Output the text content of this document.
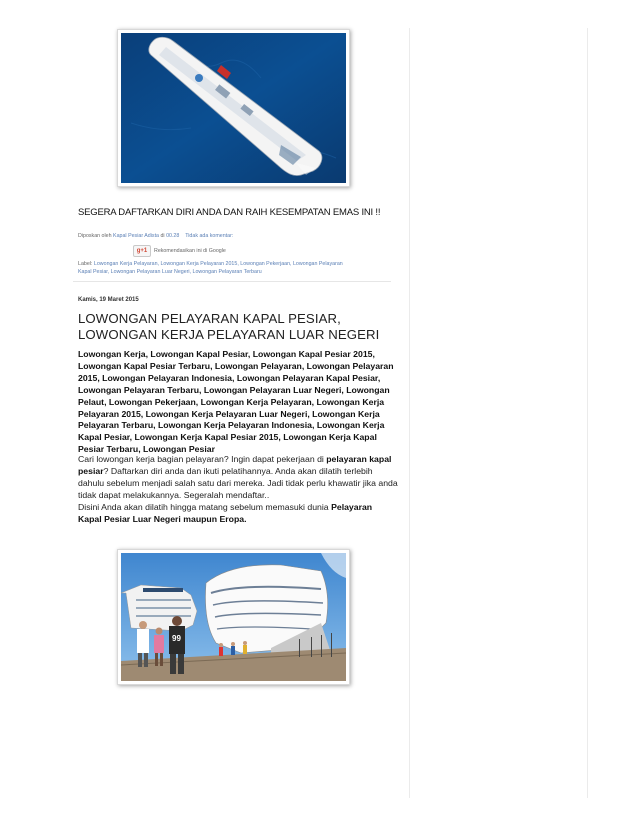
SEGERA DAFTARKAN DIRI ANDA DAN RAIH KESEMPATAN EMAS INI !!
Diposkan oleh Kapal Pesiar Adista di 00.28 Tidak ada komentar:
g+1	Rekomendasikan ini di Google
Label: Lowongan Kerja Pelayaran, Lowongan Kerja Pelayaran 2015, Lowongan Pekerjaan, Lowongan Pelayaran
Kapal Pesiar, Lowongan Pelayaran Luar Negeri, Lowongan Pelayaran Terbaru
Kamis, 19 Maret 2015
LOWONGAN PELAYARAN KAPAL PESIAR, LOWONGAN KERJA PELAYARAN LUAR NEGERI

Lowongan Kerja, Lowongan Kapal Pesiar, Lowongan Kapal Pesiar 2015, Lowongan Kapal Pesiar Terbaru, Lowongan Pelayaran, Lowongan Pelayaran 2015, Lowongan Pelayaran Indonesia, Lowongan Pelayaran Kapal Pesiar, Lowongan Pelayaran Terbaru, Lowongan Pelayaran Luar Negeri, Lowongan Pelaut, Lowongan Pekerjaan, Lowongan Kerja Pelayaran, Lowongan Kerja Pelayaran 2015, Lowongan Kerja Pelayaran Luar Negeri, Lowongan Kerja Pelayaran Terbaru, Lowongan Kerja Pelayaran Indonesia, Lowongan Kerja Kapal Pesiar, Lowongan Kerja Kapal Pesiar 2015, Lowongan Kerja Kapal Pesiar Terbaru, Lowongan Pesiar

Cari lowongan kerja bagian pelayaran? Ingin dapat pekerjaan di pelayaran kapal pesiar? Daftarkan diri anda dan ikuti pelatihannya. Anda akan dilatih terlebih dahulu sebelum menjadi salah satu dari mereka. Jadi tidak perlu khawatir jika anda tidak dapat melakukannya. Segeralah mendaftar..
Disini Anda akan dilatih hingga matang sebelum memasuki dunia Pelayaran Kapal Pesiar Luar Negeri maupun Eropa.

99
